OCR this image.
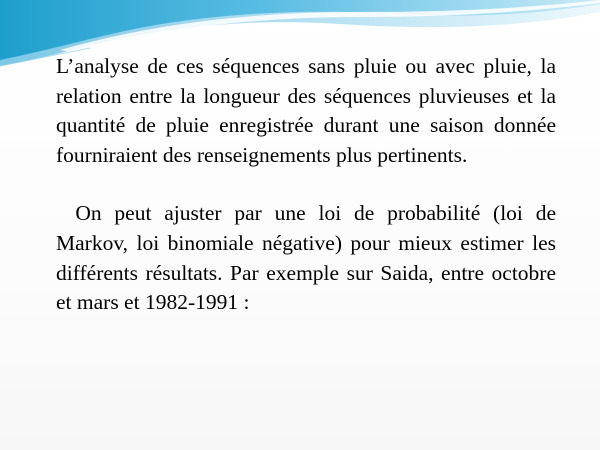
L’analyse de ces séquences sans pluie ou avec pluie, la relation entre la longueur des séquences pluvieuses et la quantité de pluie enregistrée durant une saison donnée fourniraient des renseignements plus pertinents.

On peut ajuster par une loi de probabilité (loi de Markov, loi binomiale négative) pour mieux estimer les différents résultats. Par exemple sur Saida, entre octobre et mars et 1982-1991 :
